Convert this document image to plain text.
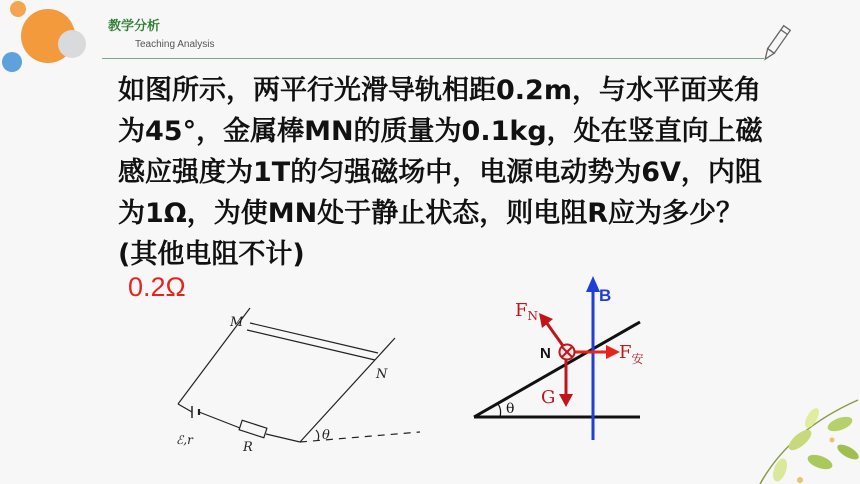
M
N
θ
ℰ,r	R
B
$F_N$
N	$F_安$
G
θ
教学分析
Teaching Analysis
如图所示，两平行光滑导轨相距0.2m，与水平面夹角为45°，金属棒MN的质量为0.1kg，处在竖直向上磁感应强度为1T的匀强磁场中，电源电动势为6V，内阻为1Ω，为使MN处于静止状态，则电阻R应为多少？(其他电阻不计)
0.2Ω
